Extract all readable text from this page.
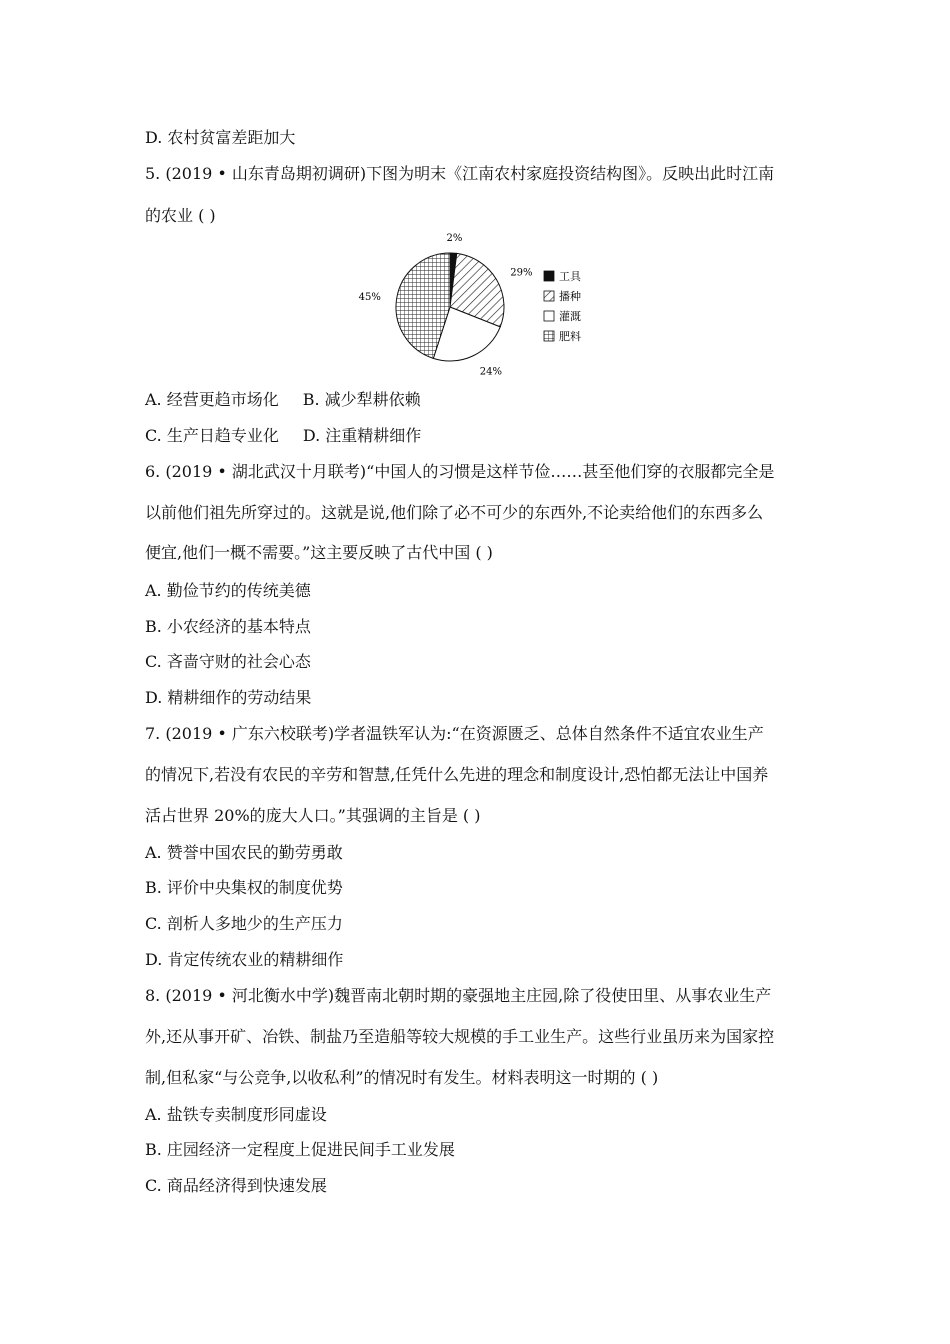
D. 农村贫富差距加大
5. (2019 • 山东青岛期初调研)下图为明末《江南农村家庭投资结构图》。反映出此时江南
的农业 ( )
2%
29%
24%
45%
工具
播种
灌溉
肥料
A. 经营更趋市场化 B. 减少犁耕依赖
C. 生产日趋专业化 D. 注重精耕细作
6. (2019 • 湖北武汉十月联考)“中国人的习惯是这样节俭……甚至他们穿的衣服都完全是
以前他们祖先所穿过的。这就是说,他们除了必不可少的东西外,不论卖给他们的东西多么
便宜,他们一概不需要。”这主要反映了古代中国 ( )
A. 勤俭节约的传统美德
B. 小农经济的基本特点
C. 吝啬守财的社会心态
D. 精耕细作的劳动结果
7. (2019 • 广东六校联考)学者温铁军认为:“在资源匮乏、总体自然条件不适宜农业生产
的情况下,若没有农民的辛劳和智慧,任凭什么先进的理念和制度设计,恐怕都无法让中国养
活占世界 20%的庞大人口。”其强调的主旨是 ( )
A. 赞誉中国农民的勤劳勇敢
B. 评价中央集权的制度优势
C. 剖析人多地少的生产压力
D. 肯定传统农业的精耕细作
8. (2019 • 河北衡水中学)魏晋南北朝时期的豪强地主庄园,除了役使田里、从事农业生产
外,还从事开矿、冶铁、制盐乃至造船等较大规模的手工业生产。这些行业虽历来为国家控
制,但私家“与公竞争,以收私利”的情况时有发生。材料表明这一时期的 ( )
A. 盐铁专卖制度形同虚设
B. 庄园经济一定程度上促进民间手工业发展
C. 商品经济得到快速发展
